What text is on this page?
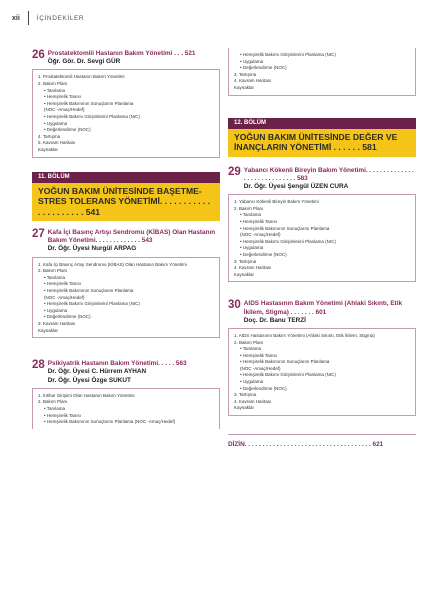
xii	İÇİNDEKİLER
26 Prostatektomili Hastanın Bakım Yönetimi . . . 521
Öğr. Gör. Dr. Sevgi GÜR
1. Prostatektomili Hastanın Bakım Yönetimi
2. Bakım Planı
• Tanılama
• Hemşirelik Tanısı
• Hemşirelik Bakımının Sonuçlarını Planlama
(NOC -Amaç/Hedef)
• Hemşirelik Bakımı Girişimlerini Planlama (NIC)
• Uygulama
• Değerlendirme (NOC)
4. Tartışma
5. Kavram Haritası
Kaynaklar
11. BÖLÜM
YOĞUN BAKIM ÜNİTESİNDE BAŞETME-STRES TOLERANS YÖNETİMİ. . . . . . . . . . . . . . . . . . . . . 541
27 Kafa İçi Basınç Artışı Sendromu (KİBAS) Olan Hastanın Bakım Yönetimi. . . . . . . . . . . . . 543
Dr. Öğr. Üyesi Nurgül ARPAG
1. Kafa İçi Basınç Artışı Sendromu (KİBAS) Olan Hastanın Bakım Yönetimi
2. Bakım Planı
• Tanılama
• Hemşirelik Tanısı
• Hemşirelik Bakımının Sonuçlarını Planlama
(NOC -Amaç/Hedef)
• Hemşirelik Bakımı Girişimlerini Planlama (NIC)
• Uygulama
• Değerlendirme (NOC)
3. Kavram Haritası
Kaynaklar
28 Psikiyatrik Hastanın Bakım Yönetimi. . . . . 563
Dr. Öğr. Üyesi C. Hürrem AYHAN
Dr. Öğr. Üyesi Özge SUKUT
1. İntihar Girişimi Olan Hastanın Bakım Yönetimi
2. Bakım Planı
• Tanılama
• Hemşirelik Tanısı
• Hemşirelik Bakımının Sonuçlarını Planlama (NOC -Amaç/Hedef)
• Hemşirelik Bakımı Girişimlerini Planlama (NIC)
• Uygulama
• Değerlendirme (NOC)
3. Tartışma
4. Kavram Haritası
Kaynaklar
12. BÖLÜM
YOĞUN BAKIM ÜNİTESİNDE DEĞER VE İNANÇLARIN YÖNETİMİ . . . . . . 581
29 Yabancı Kökenli Bireyin Bakım Yönetimi. . . . . . . . . . . . . . . . . . . . . . . . . . . . . 583
Dr. Öğr. Üyesi Şengül ÜZEN CURA
1. Yabancı Kökenli Bireyin Bakım Yönetimi
2. Bakım Planı
• Tanılama
• Hemşirelik Tanısı
• Hemşirelik Bakımının Sonuçlarını Planlama
(NOC -Amaç/Hedef)
• Hemşirelik Bakımı Girişimlerini Planlama (NIC)
• Uygulama
• Değerlendirme (NOC)
3. Tartışma
4. Kavram Haritası
Kaynaklar
30 AIDS Hastasının Bakım Yönetimi (Ahlaki Sıkıntı, Etik İkilem, Stigma) . . . . . . . 601
Doç. Dr. Banu TERZİ
1. AIDS Hastasının Bakım Yönetimi (Ahlaki Sıkıntı, Etik İkilem, Stigma)
2. Bakım Planı
• Tanılama
• Hemşirelik Tanısı
• Hemşirelik Bakımının Sonuçlarını Planlama
(NOC -Amaç/Hedef)
• Hemşirelik Bakımı Girişimlerini Planlama (NIC)
• Uygulama
• Değerlendirme (NOC)
3. Tartışma
4. Kavram Haritası
Kaynaklar
DİZİN. . . . . . . . . . . . . . . . . . . . . . . . . . . . . . . . . . . . 621
